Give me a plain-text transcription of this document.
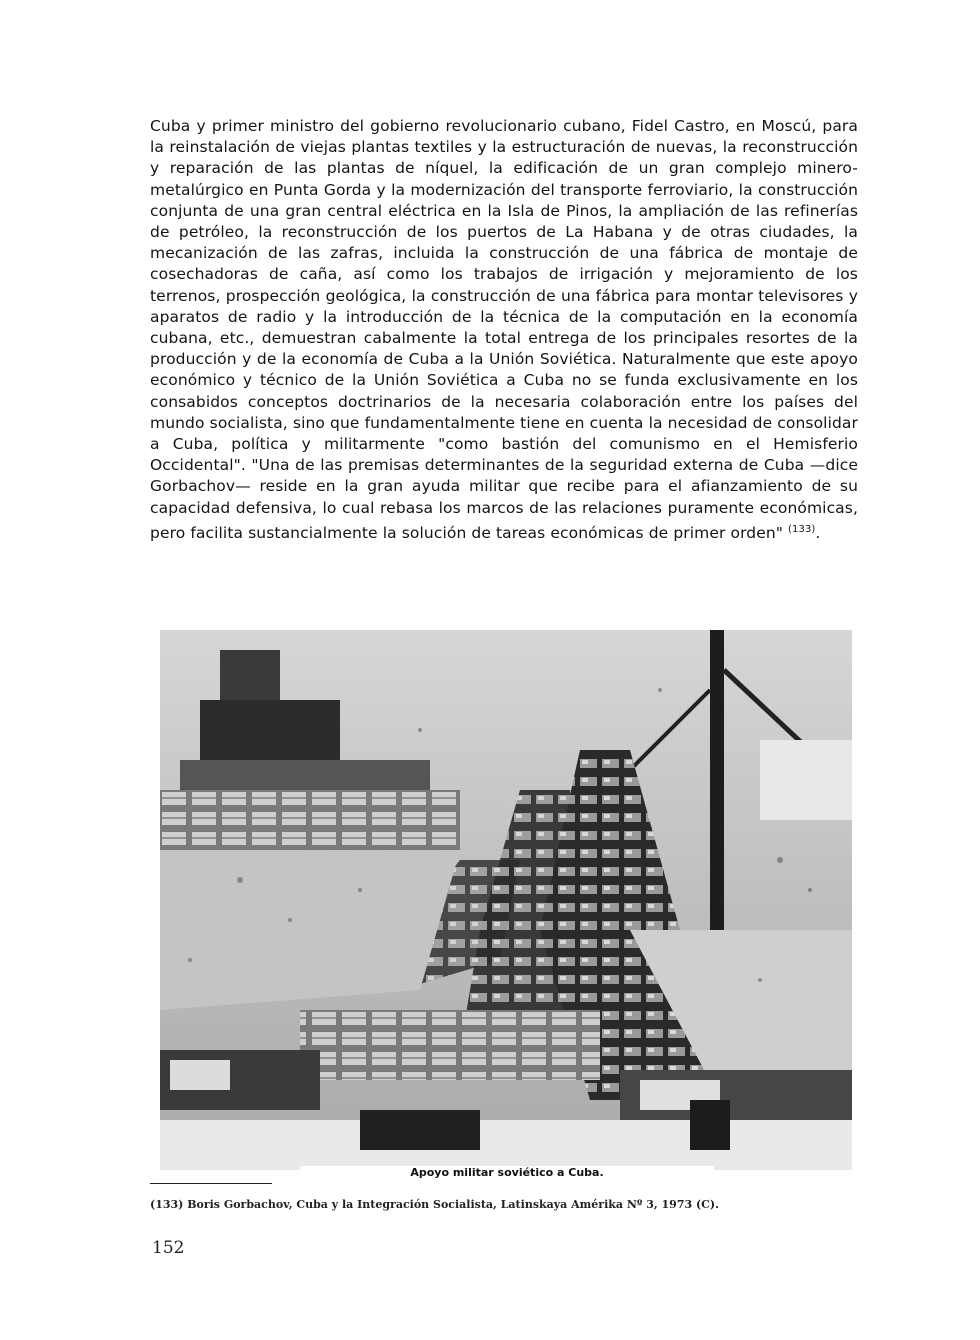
Cuba y primer ministro del gobierno revolucionario cubano, Fidel Castro, en Moscú, para la reinstalación de viejas plantas textiles y la estructuración de nuevas, la reconstrucción y reparación de las plantas de níquel, la edificación de un gran complejo minero-metalúrgico en Punta Gorda y la modernización del transporte ferroviario, la construcción conjunta de una gran central eléctrica en la Isla de Pinos, la ampliación de las refinerías de petróleo, la reconstrucción de los puertos de La Habana y de otras ciudades, la mecanización de las zafras, incluida la construcción de una fábrica de montaje de cosechadoras de caña, así como los trabajos de irrigación y mejoramiento de los terrenos, prospección geológica, la construcción de una fábrica para montar televisores y aparatos de radio y la introducción de la técnica de la computación en la economía cubana, etc., demuestran cabalmente la total entrega de los principales resortes de la producción y de la economía de Cuba a la Unión Soviética. Naturalmente que este apoyo económico y técnico de la Unión Soviética a Cuba no se funda exclusivamente en los consabidos conceptos doctrinarios de la necesaria colaboración entre los países del mundo socialista, sino que fundamentalmente tiene en cuenta la necesidad de consolidar a Cuba, política y militarmente "como bastión del comunismo en el Hemisferio Occidental". "Una de las premisas determinantes de la seguridad externa de Cuba —dice Gorbachov— reside en la gran ayuda militar que recibe para el afianzamiento de su capacidad defensiva, lo cual rebasa los marcos de las relaciones puramente económicas, pero facilita sustancialmente la solución de tareas económicas de primer orden" $^{(133)}$.

Apoyo militar soviético a Cuba.
(133) Boris Gorbachov, Cuba y la Integración Socialista, Latinskaya Amérika Nº 3, 1973 (C).
152
